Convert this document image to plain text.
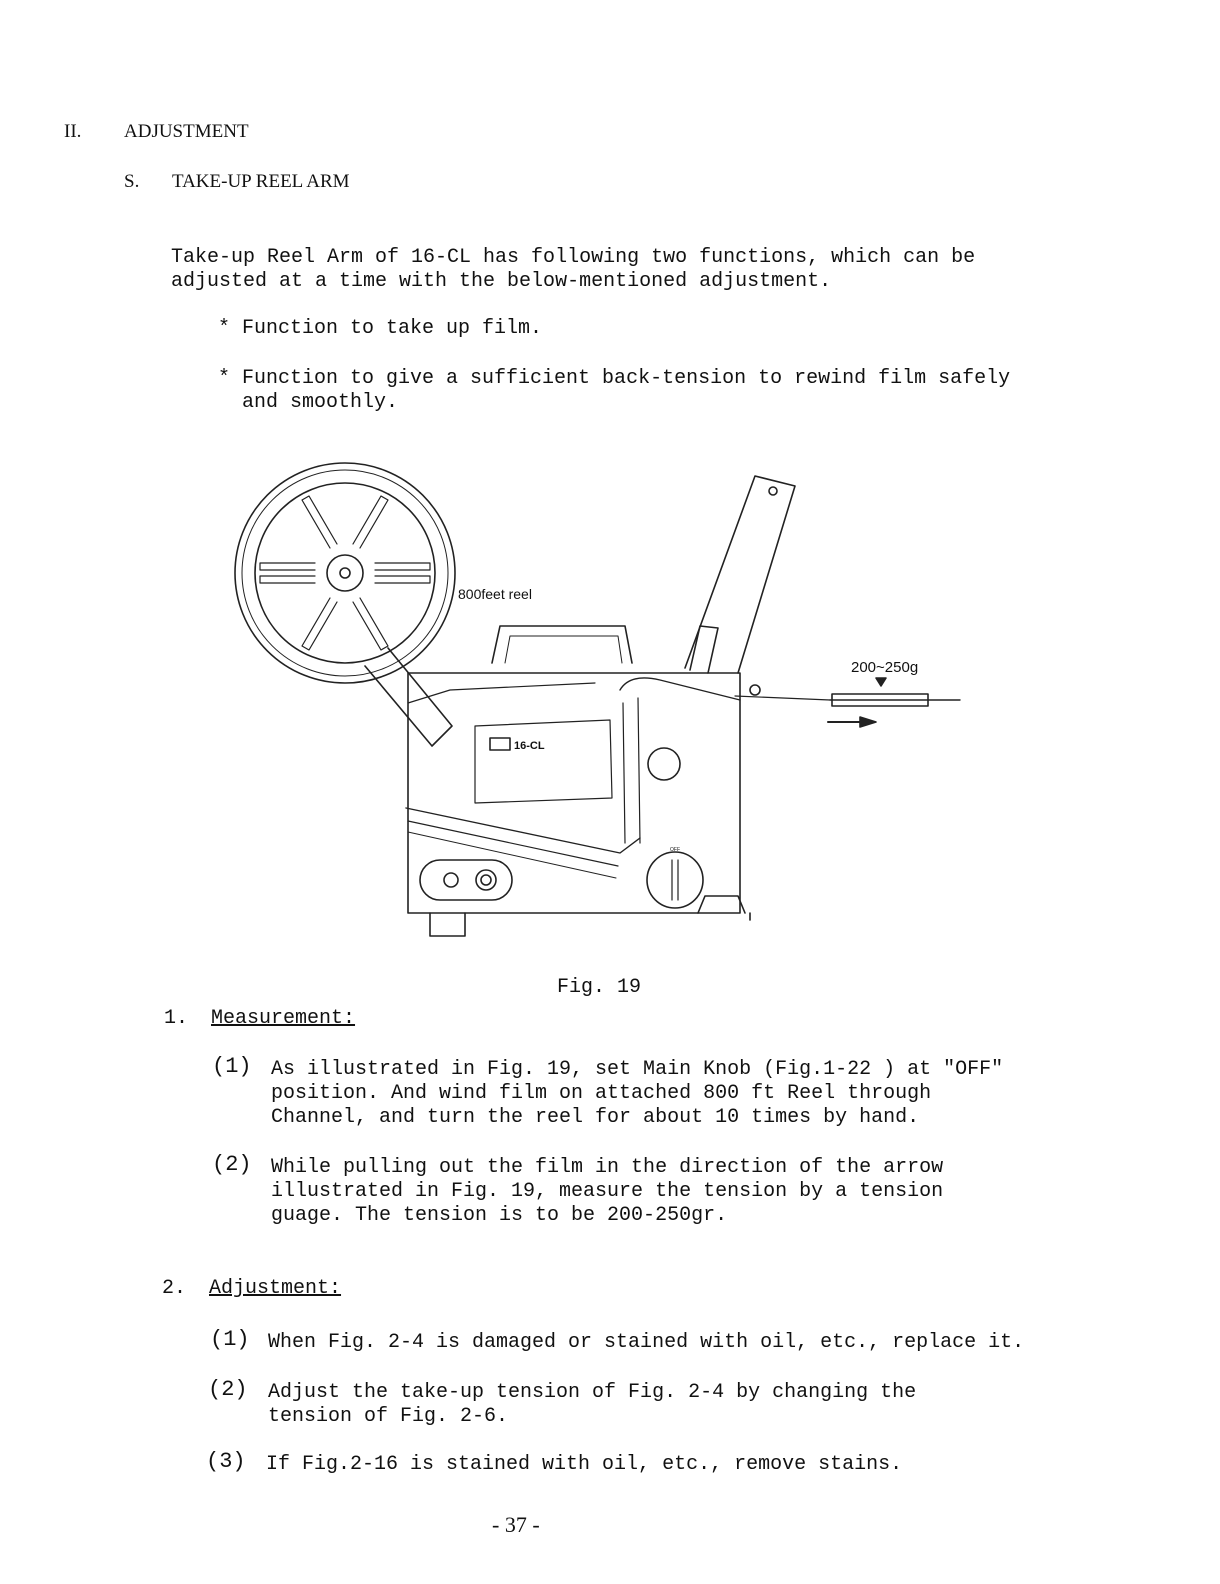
II. ADJUSTMENT
S. TAKE-UP REEL ARM
Take-up Reel Arm of 16-CL has following two functions, which can be
adjusted at a time with the below-mentioned adjustment.
* Function to take up film.
* Function to give a sufficient back-tension to rewind film safely
and smoothly.
800feet reel
16-CL
200~250g
OFF
Fig. 19
1. Measurement:
(1) As illustrated in Fig. 19, set Main Knob (Fig.1-22 ) at "OFF"
position. And wind film on attached 800 ft Reel through
Channel, and turn the reel for about 10 times by hand.
(2) While pulling out the film in the direction of the arrow
illustrated in Fig. 19, measure the tension by a tension
guage. The tension is to be 200-250gr.
2. Adjustment:
(1) When Fig. 2-4 is damaged or stained with oil, etc., replace it.
(2) Adjust the take-up tension of Fig. 2-4 by changing the
tension of Fig. 2-6.
(3) If Fig.2-16 is stained with oil, etc., remove stains.
- 37 -
